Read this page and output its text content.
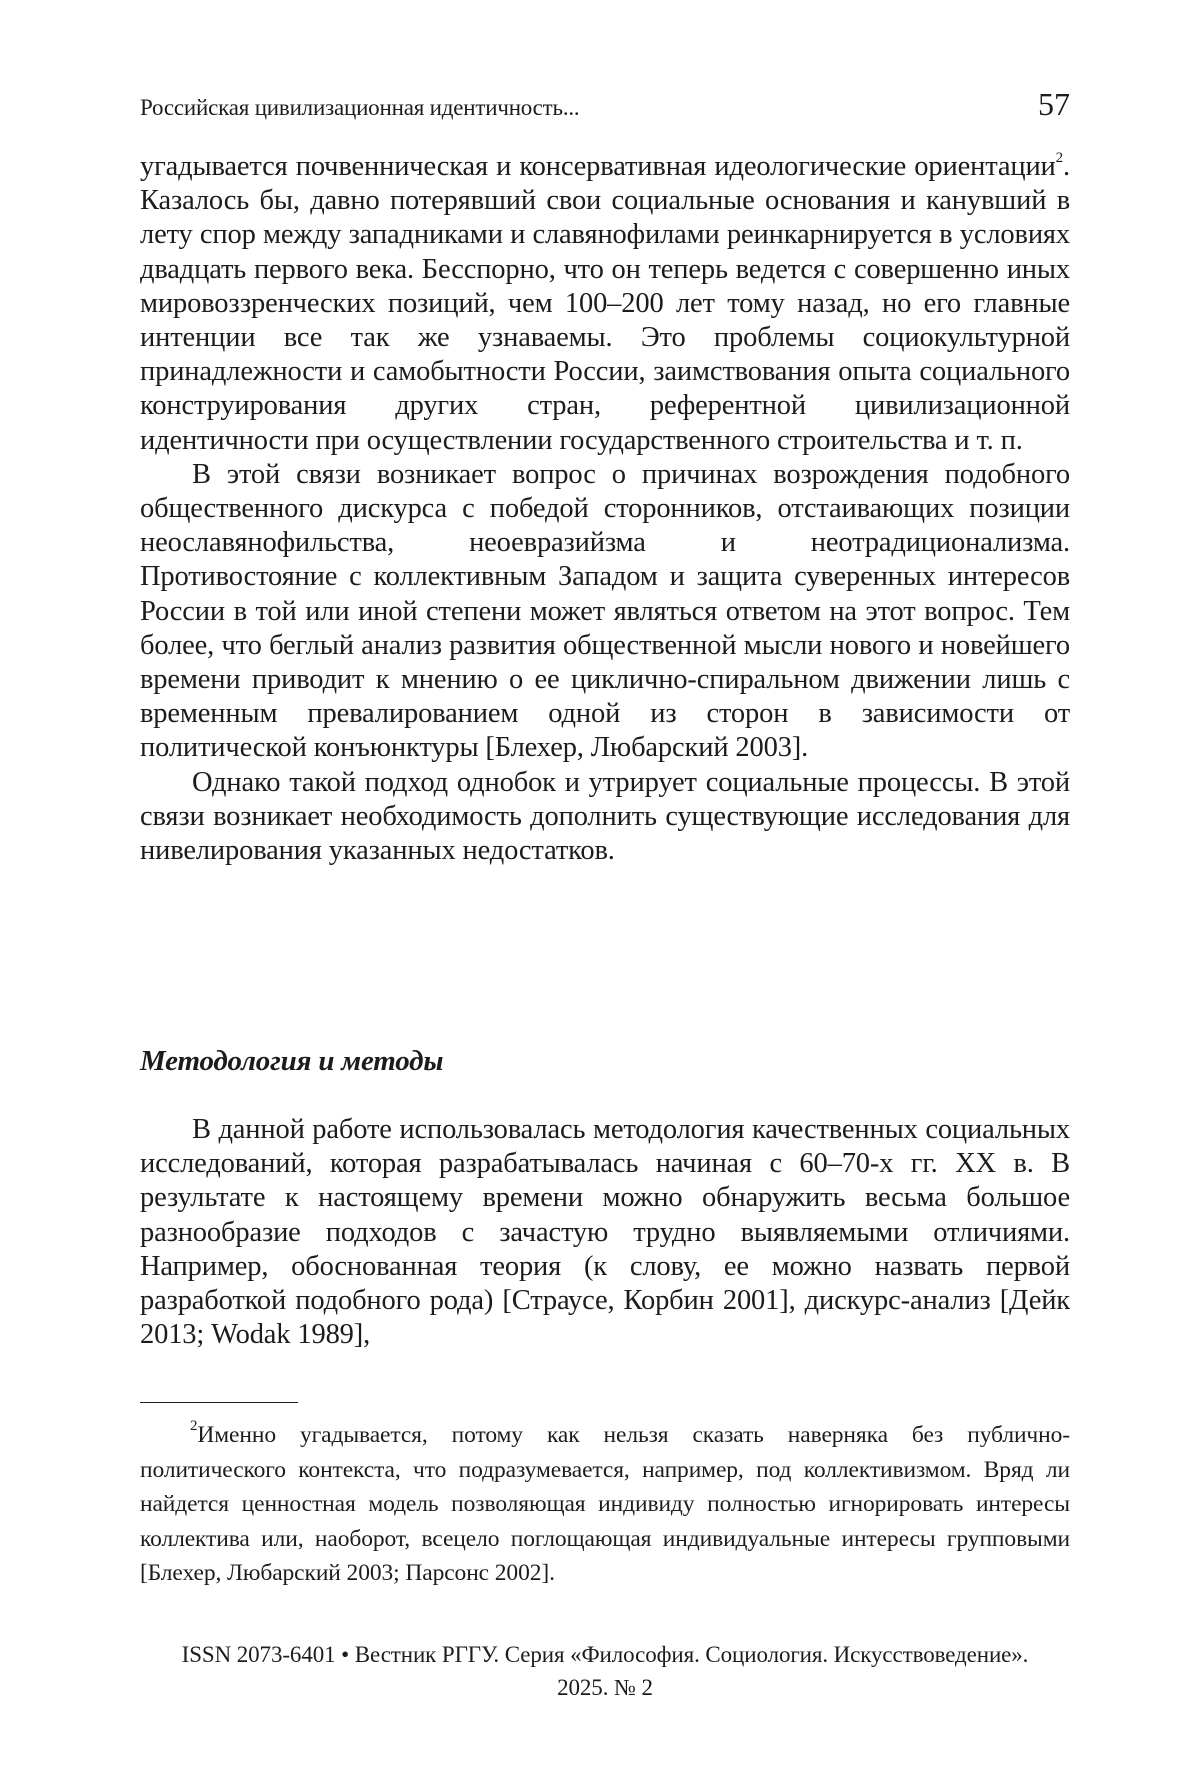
Российская цивилизационная идентичность...	57

угадывается почвенническая и консервативная идеологические ориентации$^2$. Казалось бы, давно потерявший свои социальные основания и канувший в лету спор между западниками и славянофилами реинкарнируется в условиях двадцать первого века. Бесспорно, что он теперь ведется с совершенно иных мировоззренческих позиций, чем 100–200 лет тому назад, но его главные интенции все так же узнаваемы. Это проблемы социокультурной принадлежности и самобытности России, заимствования опыта социального конструирования других стран, референтной цивилизационной идентичности при осуществлении государственного строительства и т. п.

В этой связи возникает вопрос о причинах возрождения подобного общественного дискурса с победой сторонников, отстаивающих позиции неославянофильства, неоевразийзма и неотрадиционализма. Противостояние с коллективным Западом и защита суверенных интересов России в той или иной степени может являться ответом на этот вопрос. Тем более, что беглый анализ развития общественной мысли нового и новейшего времени приводит к мнению о ее циклично-спиральном движении лишь с временным превалированием одной из сторон в зависимости от политической конъюнктуры [Блехер, Любарский 2003].

Однако такой подход однобок и утрирует социальные процессы. В этой связи возникает необходимость дополнить существующие исследования для нивелирования указанных недостатков.

Методология и методы

В данной работе использовалась методология качественных социальных исследований, которая разрабатывалась начиная с 60–70-х гг. XX в. В результате к настоящему времени можно обнаружить весьма большое разнообразие подходов с зачастую трудно выявляемыми отличиями. Например, обоснованная теория (к слову, ее можно назвать первой разработкой подобного рода) [Страусе, Корбин 2001], дискурс-анализ [Дейк 2013; Wodak 1989],

$^2$Именно угадывается, потому как нельзя сказать наверняка без публично-политического контекста, что подразумевается, например, под коллективизмом. Вряд ли найдется ценностная модель позволяющая индивиду полностью игнорировать интересы коллектива или, наоборот, всецело поглощающая индивидуальные интересы групповыми [Блехер, Любарский 2003; Парсонс 2002].

ISSN 2073-6401 • Вестник РГГУ. Серия «Философия. Социология. Искусствоведение».
2025. № 2
